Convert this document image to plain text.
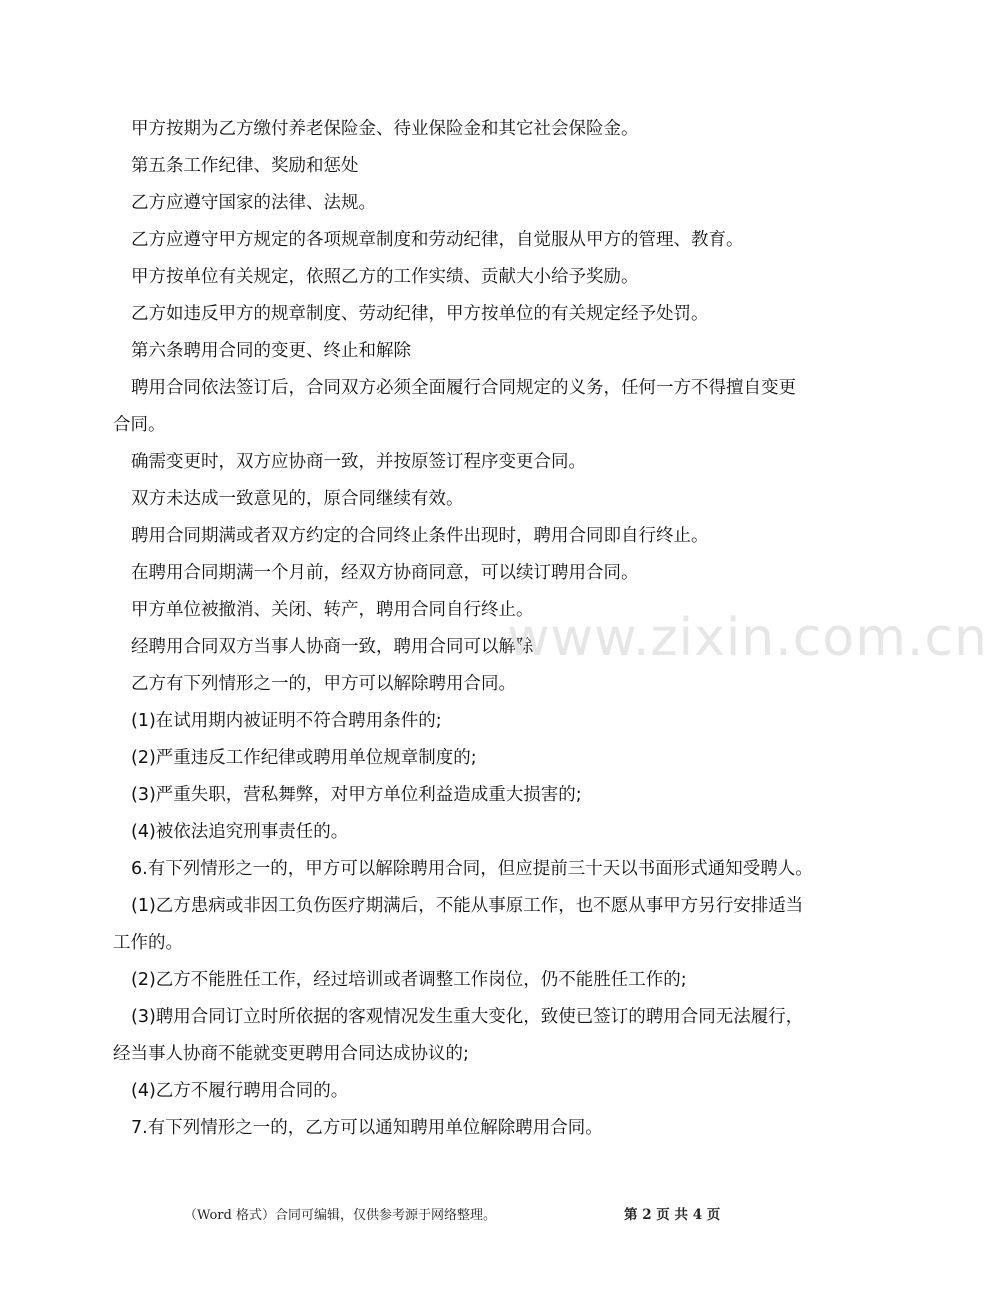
甲方按期为乙方缴付养老保险金、待业保险金和其它社会保险金。

第五条工作纪律、奖励和惩处

乙方应遵守国家的法律、法规。

乙方应遵守甲方规定的各项规章制度和劳动纪律，自觉服从甲方的管理、教育。

甲方按单位有关规定，依照乙方的工作实绩、贡献大小给予奖励。

乙方如违反甲方的规章制度、劳动纪律，甲方按单位的有关规定经予处罚。

第六条聘用合同的变更、终止和解除

聘用合同依法签订后，合同双方必须全面履行合同规定的义务，任何一方不得擅自变更合同。

确需变更时，双方应协商一致，并按原签订程序变更合同。

双方未达成一致意见的，原合同继续有效。

聘用合同期满或者双方约定的合同终止条件出现时，聘用合同即自行终止。

在聘用合同期满一个月前，经双方协商同意，可以续订聘用合同。

甲方单位被撤消、关闭、转产，聘用合同自行终止。

经聘用合同双方当事人协商一致，聘用合同可以解除。

乙方有下列情形之一的，甲方可以解除聘用合同。

(1)在试用期内被证明不符合聘用条件的;

(2)严重违反工作纪律或聘用单位规章制度的;

(3)严重失职，营私舞弊，对甲方单位利益造成重大损害的;

(4)被依法追究刑事责任的。

6.有下列情形之一的，甲方可以解除聘用合同，但应提前三十天以书面形式通知受聘人。

(1)乙方患病或非因工负伤医疗期满后，不能从事原工作，也不愿从事甲方另行安排适当工作的。

(2)乙方不能胜任工作，经过培训或者调整工作岗位，仍不能胜任工作的;

(3)聘用合同订立时所依据的客观情况发生重大变化，致使已签订的聘用合同无法履行，经当事人协商不能就变更聘用合同达成协议的;

(4)乙方不履行聘用合同的。

7.有下列情形之一的，乙方可以通知聘用单位解除聘用合同。

www.zixin.com.cn
（Word 格式）合同可编辑，仅供参考源于网络整理。	第 2 页 共 4 页
